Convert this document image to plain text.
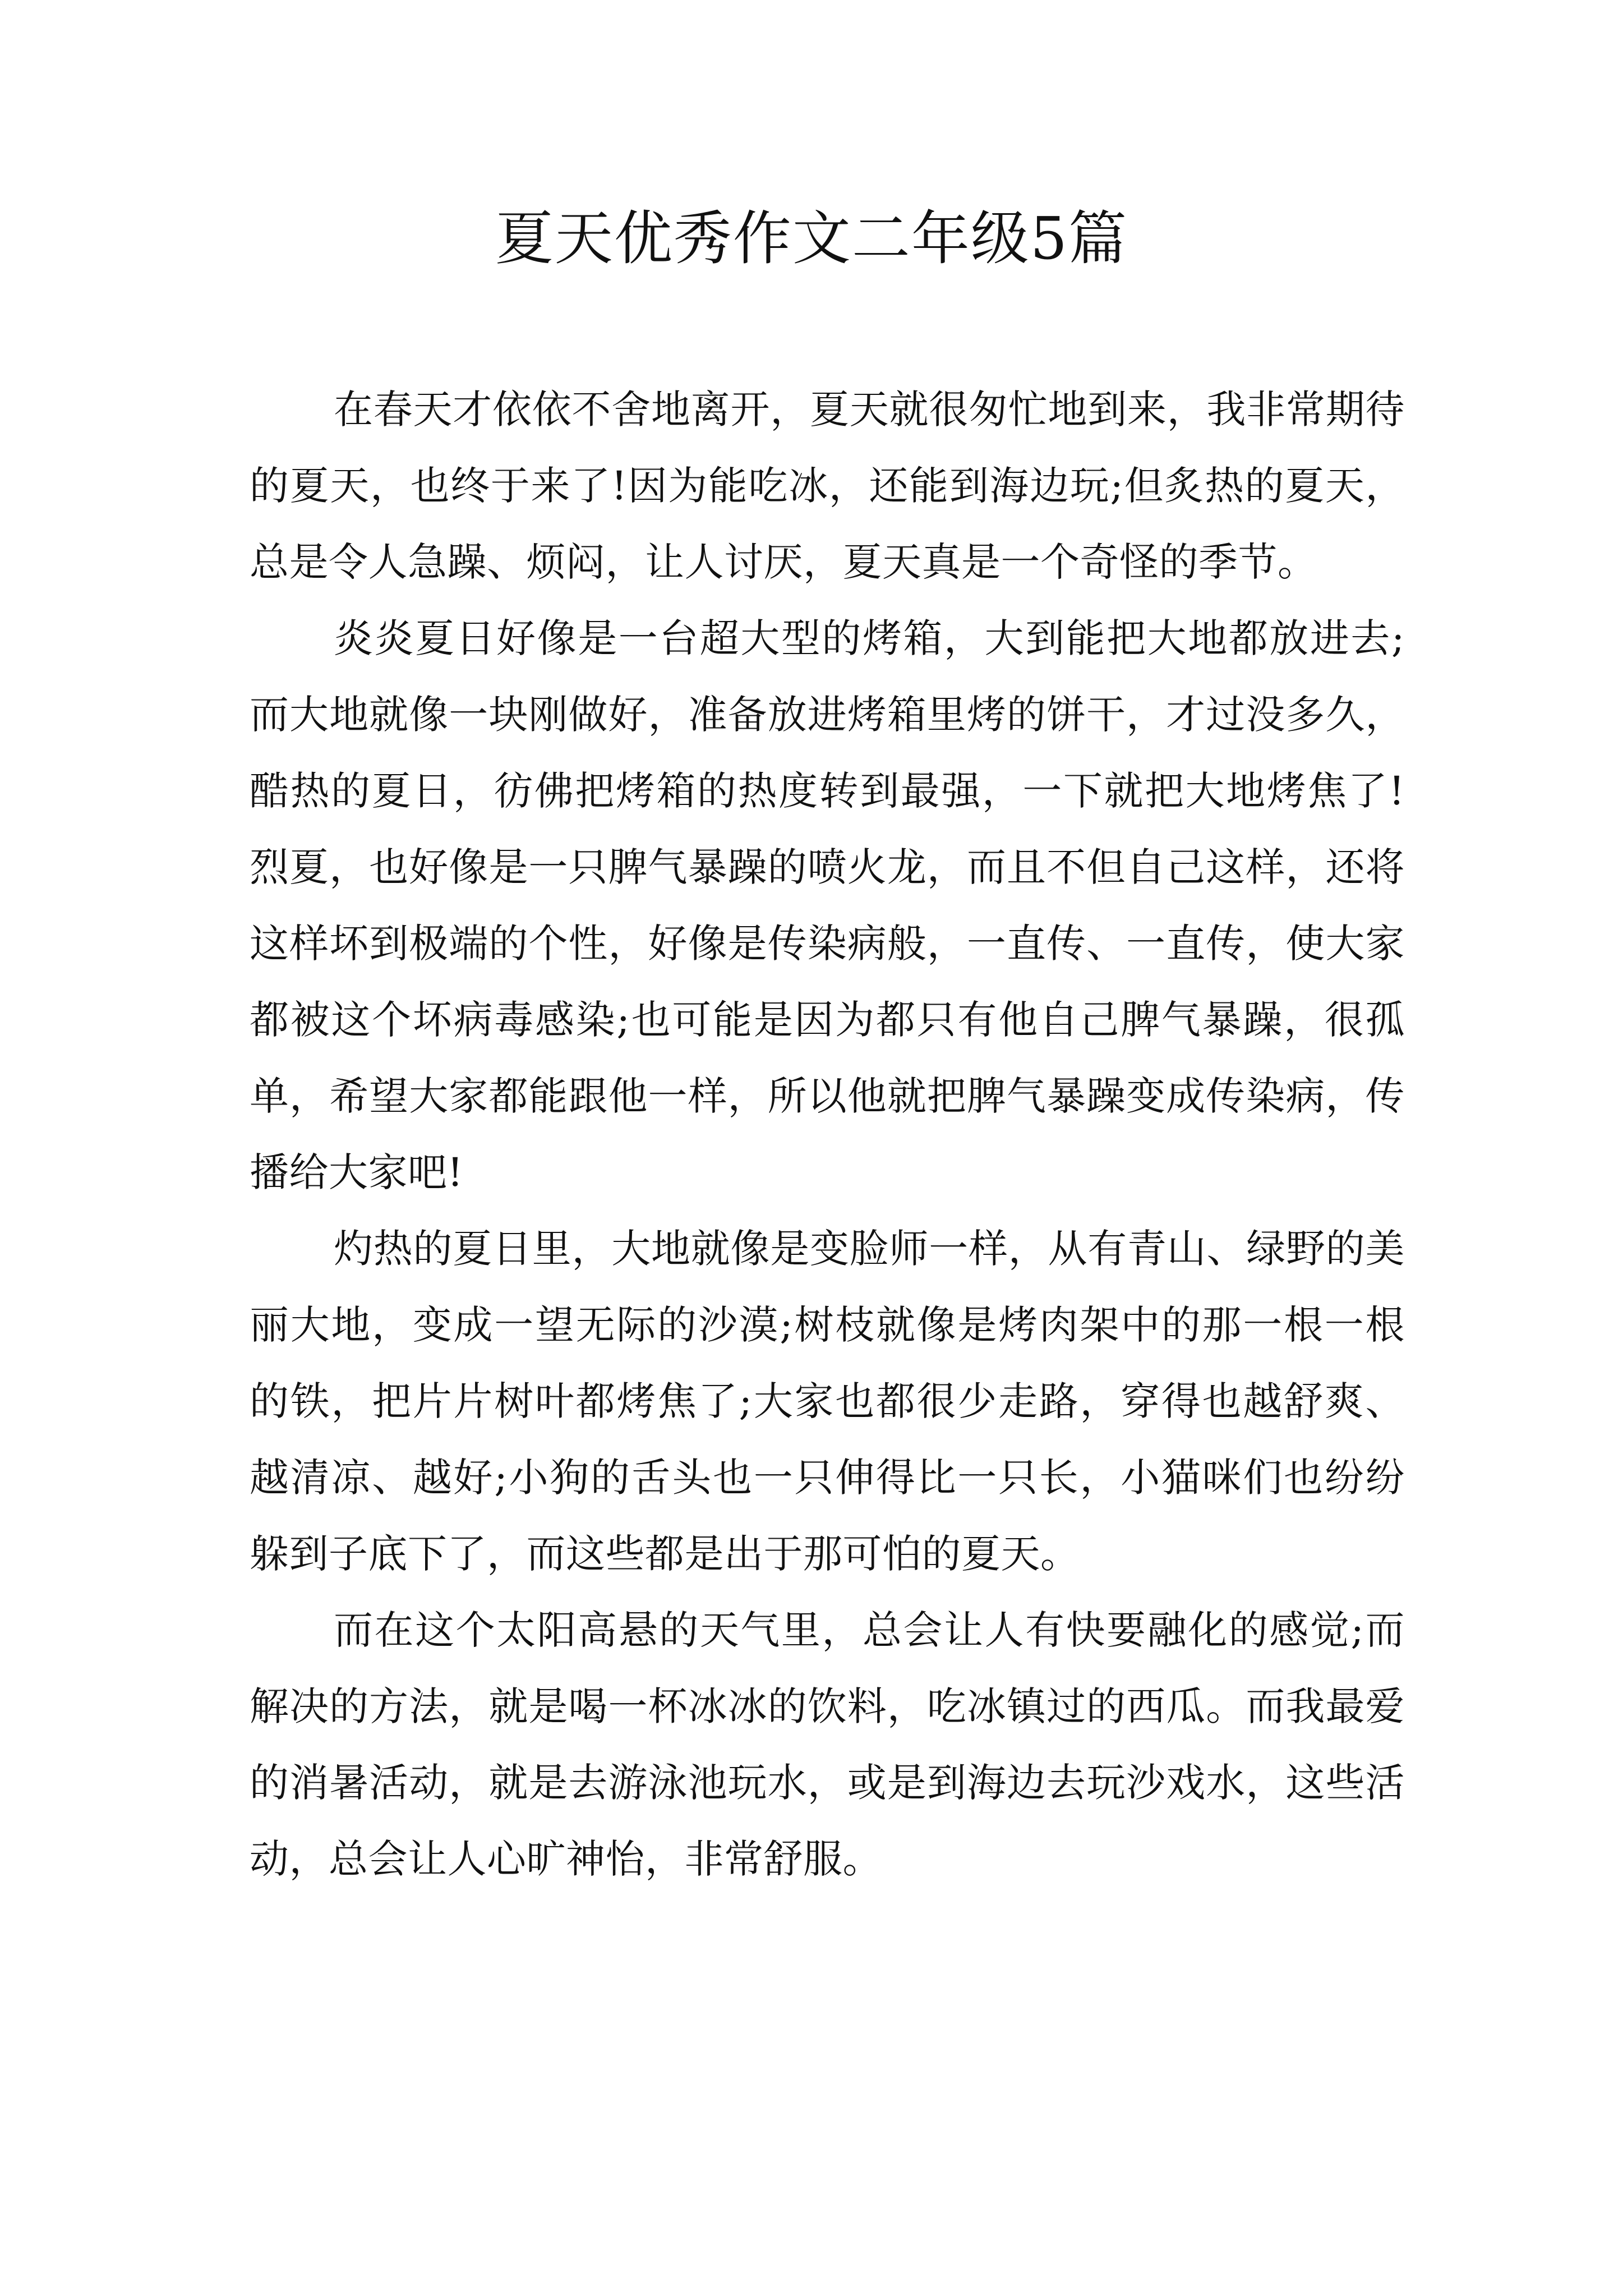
夏天优秀作文二年级5篇

在春天才依依不舍地离开，夏天就很匆忙地到来，我非常期待的夏天，也终于来了!因为能吃冰，还能到海边玩;但炙热的夏天，总是令人急躁、烦闷，让人讨厌，夏天真是一个奇怪的季节。

炎炎夏日好像是一台超大型的烤箱，大到能把大地都放进去;而大地就像一块刚做好，准备放进烤箱里烤的饼干，才过没多久，酷热的夏日，彷佛把烤箱的热度转到最强，一下就把大地烤焦了!烈夏，也好像是一只脾气暴躁的喷火龙，而且不但自己这样，还将这样坏到极端的个性，好像是传染病般，一直传、一直传，使大家都被这个坏病毒感染;也可能是因为都只有他自己脾气暴躁，很孤单，希望大家都能跟他一样，所以他就把脾气暴躁变成传染病，传播给大家吧!

灼热的夏日里，大地就像是变脸师一样，从有青山、绿野的美丽大地，变成一望无际的沙漠;树枝就像是烤肉架中的那一根一根的铁，把片片树叶都烤焦了;大家也都很少走路，穿得也越舒爽、越清凉、越好;小狗的舌头也一只伸得比一只长，小猫咪们也纷纷躲到子底下了，而这些都是出于那可怕的夏天。

而在这个太阳高悬的天气里，总会让人有快要融化的感觉;而解决的方法，就是喝一杯冰冰的饮料，吃冰镇过的西瓜。而我最爱的消暑活动，就是去游泳池玩水，或是到海边去玩沙戏水，这些活动，总会让人心旷神怡，非常舒服。
